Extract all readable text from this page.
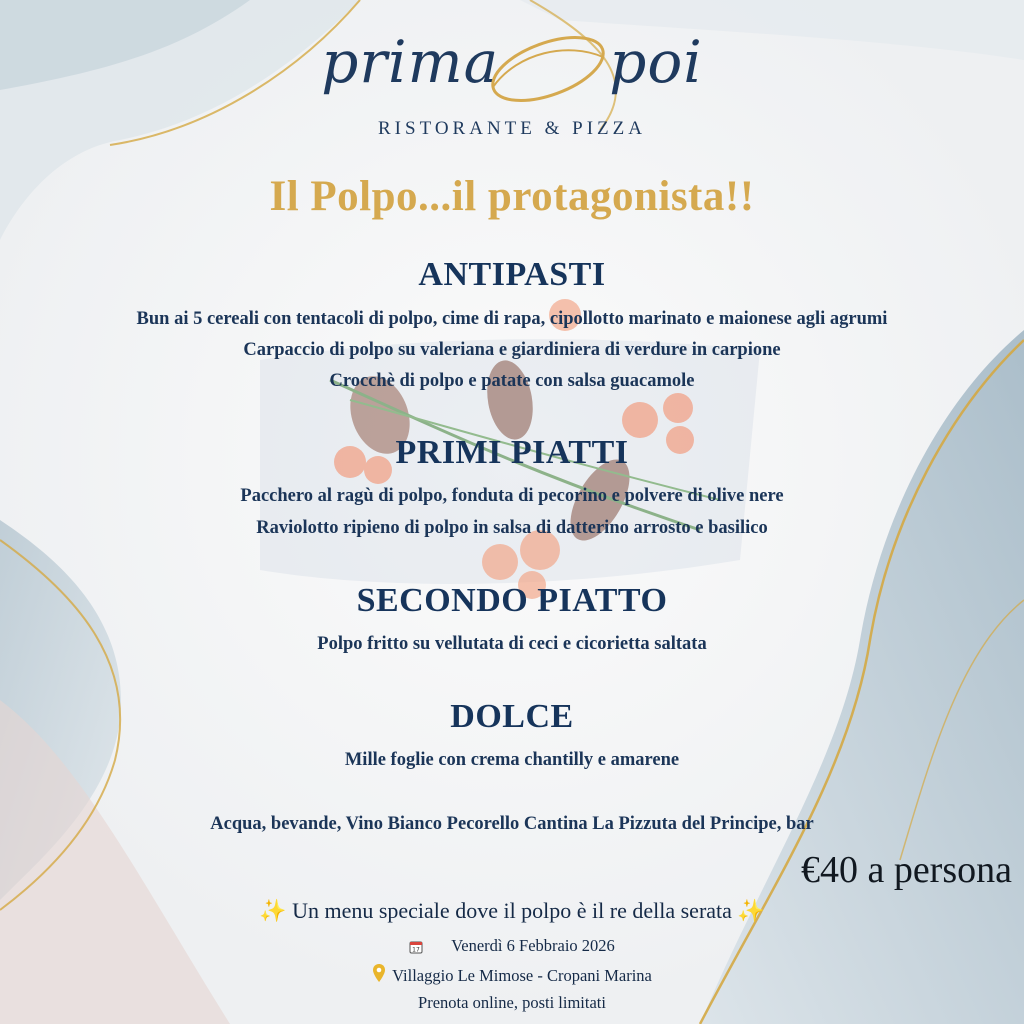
prima poi
RISTORANTE & PIZZA
Il Polpo...il protagonista!!
ANTIPASTI
Bun ai 5 cereali con tentacoli di polpo, cime di rapa, cipollotto marinato e maionese agli agrumi
Carpaccio di polpo su valeriana e giardiniera di verdure in carpione
Crocchè di polpo e patate con salsa guacamole
PRIMI PIATTI
Pacchero al ragù di polpo, fonduta di pecorino e polvere di olive nere
Raviolotto ripieno di polpo in salsa di datterino arrosto e basilico
SECONDO PIATTO
Polpo fritto su vellutata di ceci e cicorietta saltata
DOLCE
Mille foglie con crema chantilly e amarene
Acqua, bevande, Vino Bianco Pecorello Cantina La Pizzuta del Principe, bar
€40 a persona
✨ Un menu speciale dove il polpo è il re della serata ✨
17 Venerdì 6 Febbraio 2026
Villaggio Le Mimose - Cropani Marina
Prenota online, posti limitati
